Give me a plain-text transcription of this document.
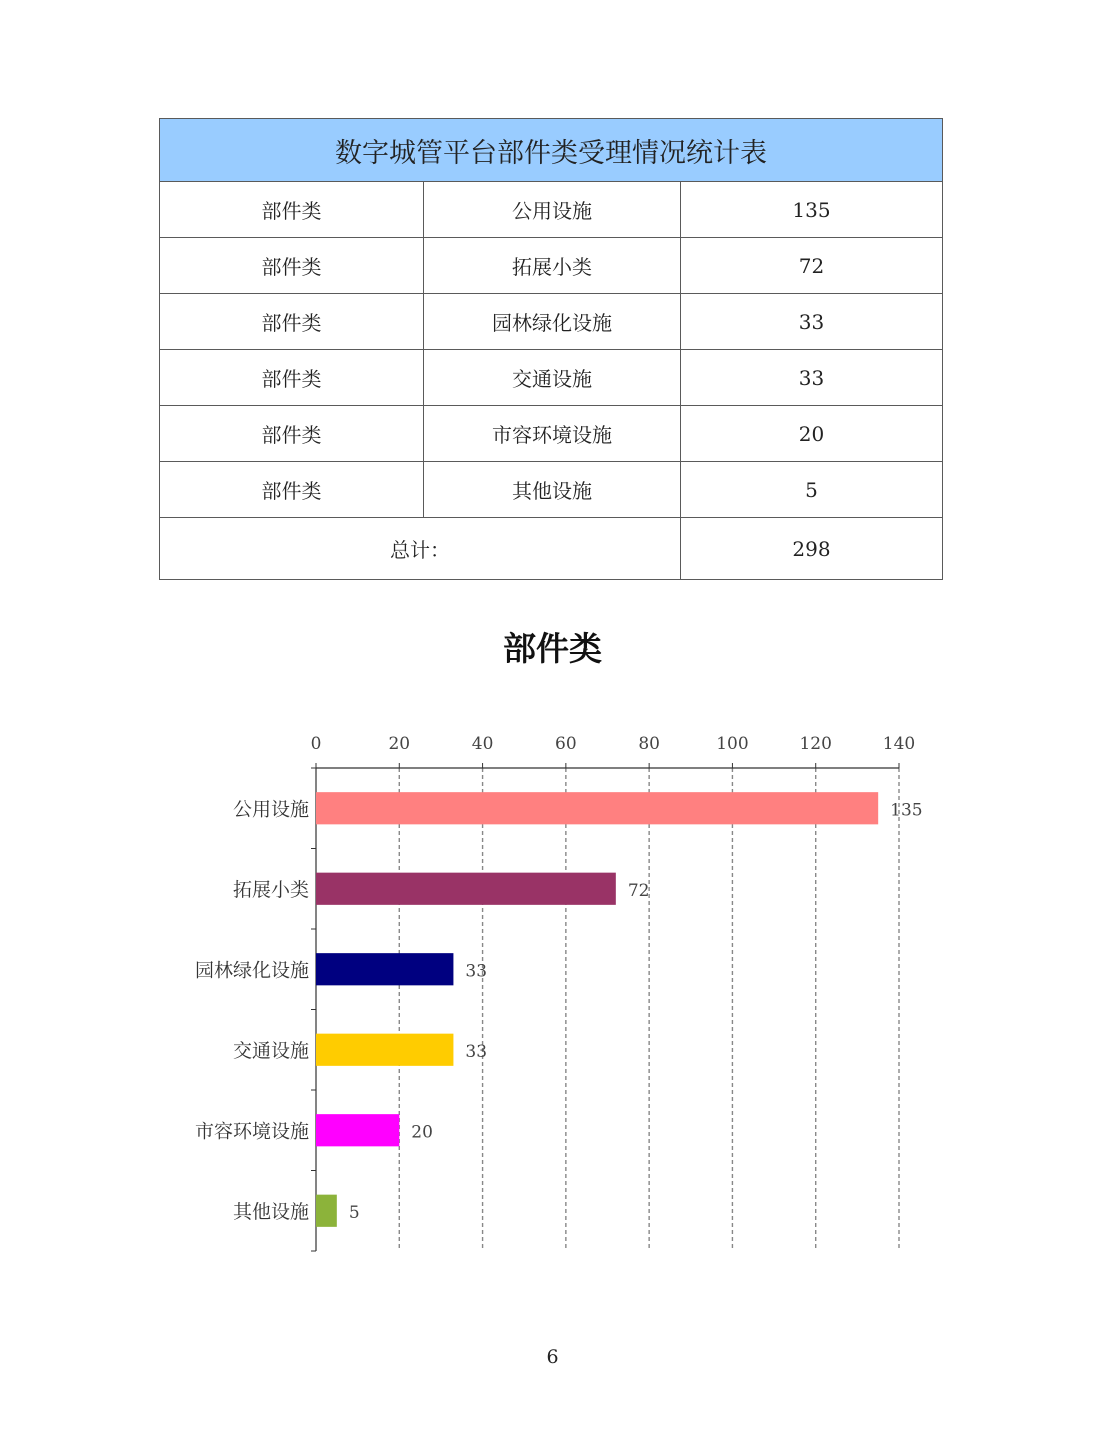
数字城管平台部件类受理情况统计表		
部件类	公用设施	135
部件类	拓展小类	72
部件类	园林绿化设施	33
部件类	交通设施	33
部件类	市容环境设施	20
部件类	其他设施	5
总计：		298
部件类
0	20	40	60	80	100	120	140
公用设施	135
拓展小类	72
园林绿化设施	33
交通设施	33
市容环境设施	20
其他设施 5
6
